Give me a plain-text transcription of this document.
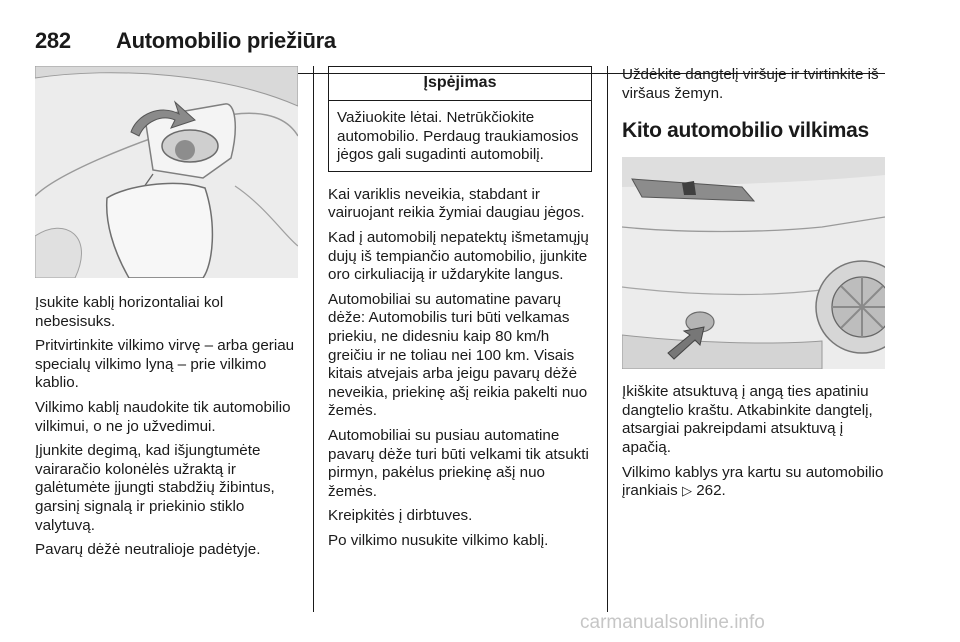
282 Automobilio priežiūra

Įsukite kablį horizontaliai kol nebesisuks.

Pritvirtinkite vilkimo virvę – arba geriau specialų vilkimo lyną – prie vilkimo kablio.

Vilkimo kablį naudokite tik automobilio vilkimui, o ne jo užvedimui.

Įjunkite degimą, kad išjungtumėte vairaračio kolonėlės užraktą ir galėtumėte įjungti stabdžių žibintus, garsinį signalą ir priekinio stiklo valytuvą.

Pavarų dėžė neutralioje padėtyje.

Įspėjimas
Važiuokite lėtai. Netrūkčiokite automobilio. Perdaug traukiamosios jėgos gali sugadinti automobilį.

Kai variklis neveikia, stabdant ir vairuojant reikia žymiai daugiau jėgos.

Kad į automobilį nepatektų išmetamųjų dujų iš tempiančio automobilio, įjunkite oro cirkuliaciją ir uždarykite langus.

Automobiliai su automatine pavarų dėže: Automobilis turi būti velkamas priekiu, ne didesniu kaip 80 km/h greičiu ir ne toliau nei 100 km. Visais kitais atvejais arba jeigu pavarų dėžė neveikia, priekinę ašį reikia pakelti nuo žemės.

Automobiliai su pusiau automatine pavarų dėže turi būti velkami tik atsukti pirmyn, pakėlus priekinę ašį nuo žemės.

Kreipkitės į dirbtuves.

Po vilkimo nusukite vilkimo kablį.

Uždėkite dangtelį viršuje ir tvirtinkite iš viršaus žemyn.

Kito automobilio vilkimas

Įkiškite atsuktuvą į angą ties apatiniu dangtelio kraštu. Atkabinkite dangtelį, atsargiai pakreipdami atsuktuvą į apačią.

Vilkimo kablys yra kartu su automobilio įrankiais ▷ 262.

carmanualsonline.info
